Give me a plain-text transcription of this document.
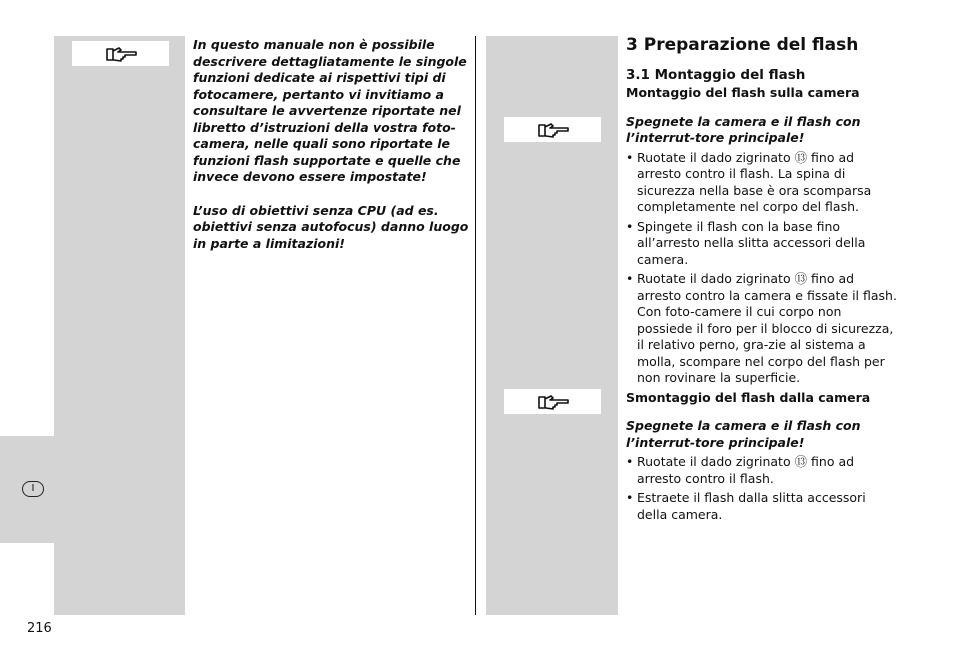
In questo manuale non è possibile descrivere dettagliatamente le singole funzioni dedicate ai rispettivi tipi di fotocamere, pertanto vi invitiamo a consultare le avvertenze riportate nel libretto d’istruzioni della vostra foto-camera, nelle quali sono riportate le funzioni flash supportate e quelle che invece devono essere impostate!

L’uso di obiettivi senza CPU (ad es. obiettivi senza autofocus) danno luogo in parte a limitazioni!

3 Preparazione del flash
3.1 Montaggio del flash
Montaggio del flash sulla camera
Spegnete la camera e il flash con l’interrut-tore principale!
• Ruotate il dado zigrinato ⑬ fino ad arresto contro il flash. La spina di sicurezza nella base è ora scomparsa completamente nel corpo del flash.
• Spingete il flash con la base fino all’arresto nella slitta accessori della camera.
• Ruotate il dado zigrinato ⑬ fino ad arresto contro la camera e fissate il flash. Con foto-camere il cui corpo non possiede il foro per il blocco di sicurezza, il relativo perno, gra-zie al sistema a molla, scompare nel corpo del flash per non rovinare la superficie.
Smontaggio del flash dalla camera
Spegnete la camera e il flash con l’interrut-tore principale!
• Ruotate il dado zigrinato ⑬ fino ad arresto contro il flash.
• Estraete il flash dalla slitta accessori della camera.
I
216
